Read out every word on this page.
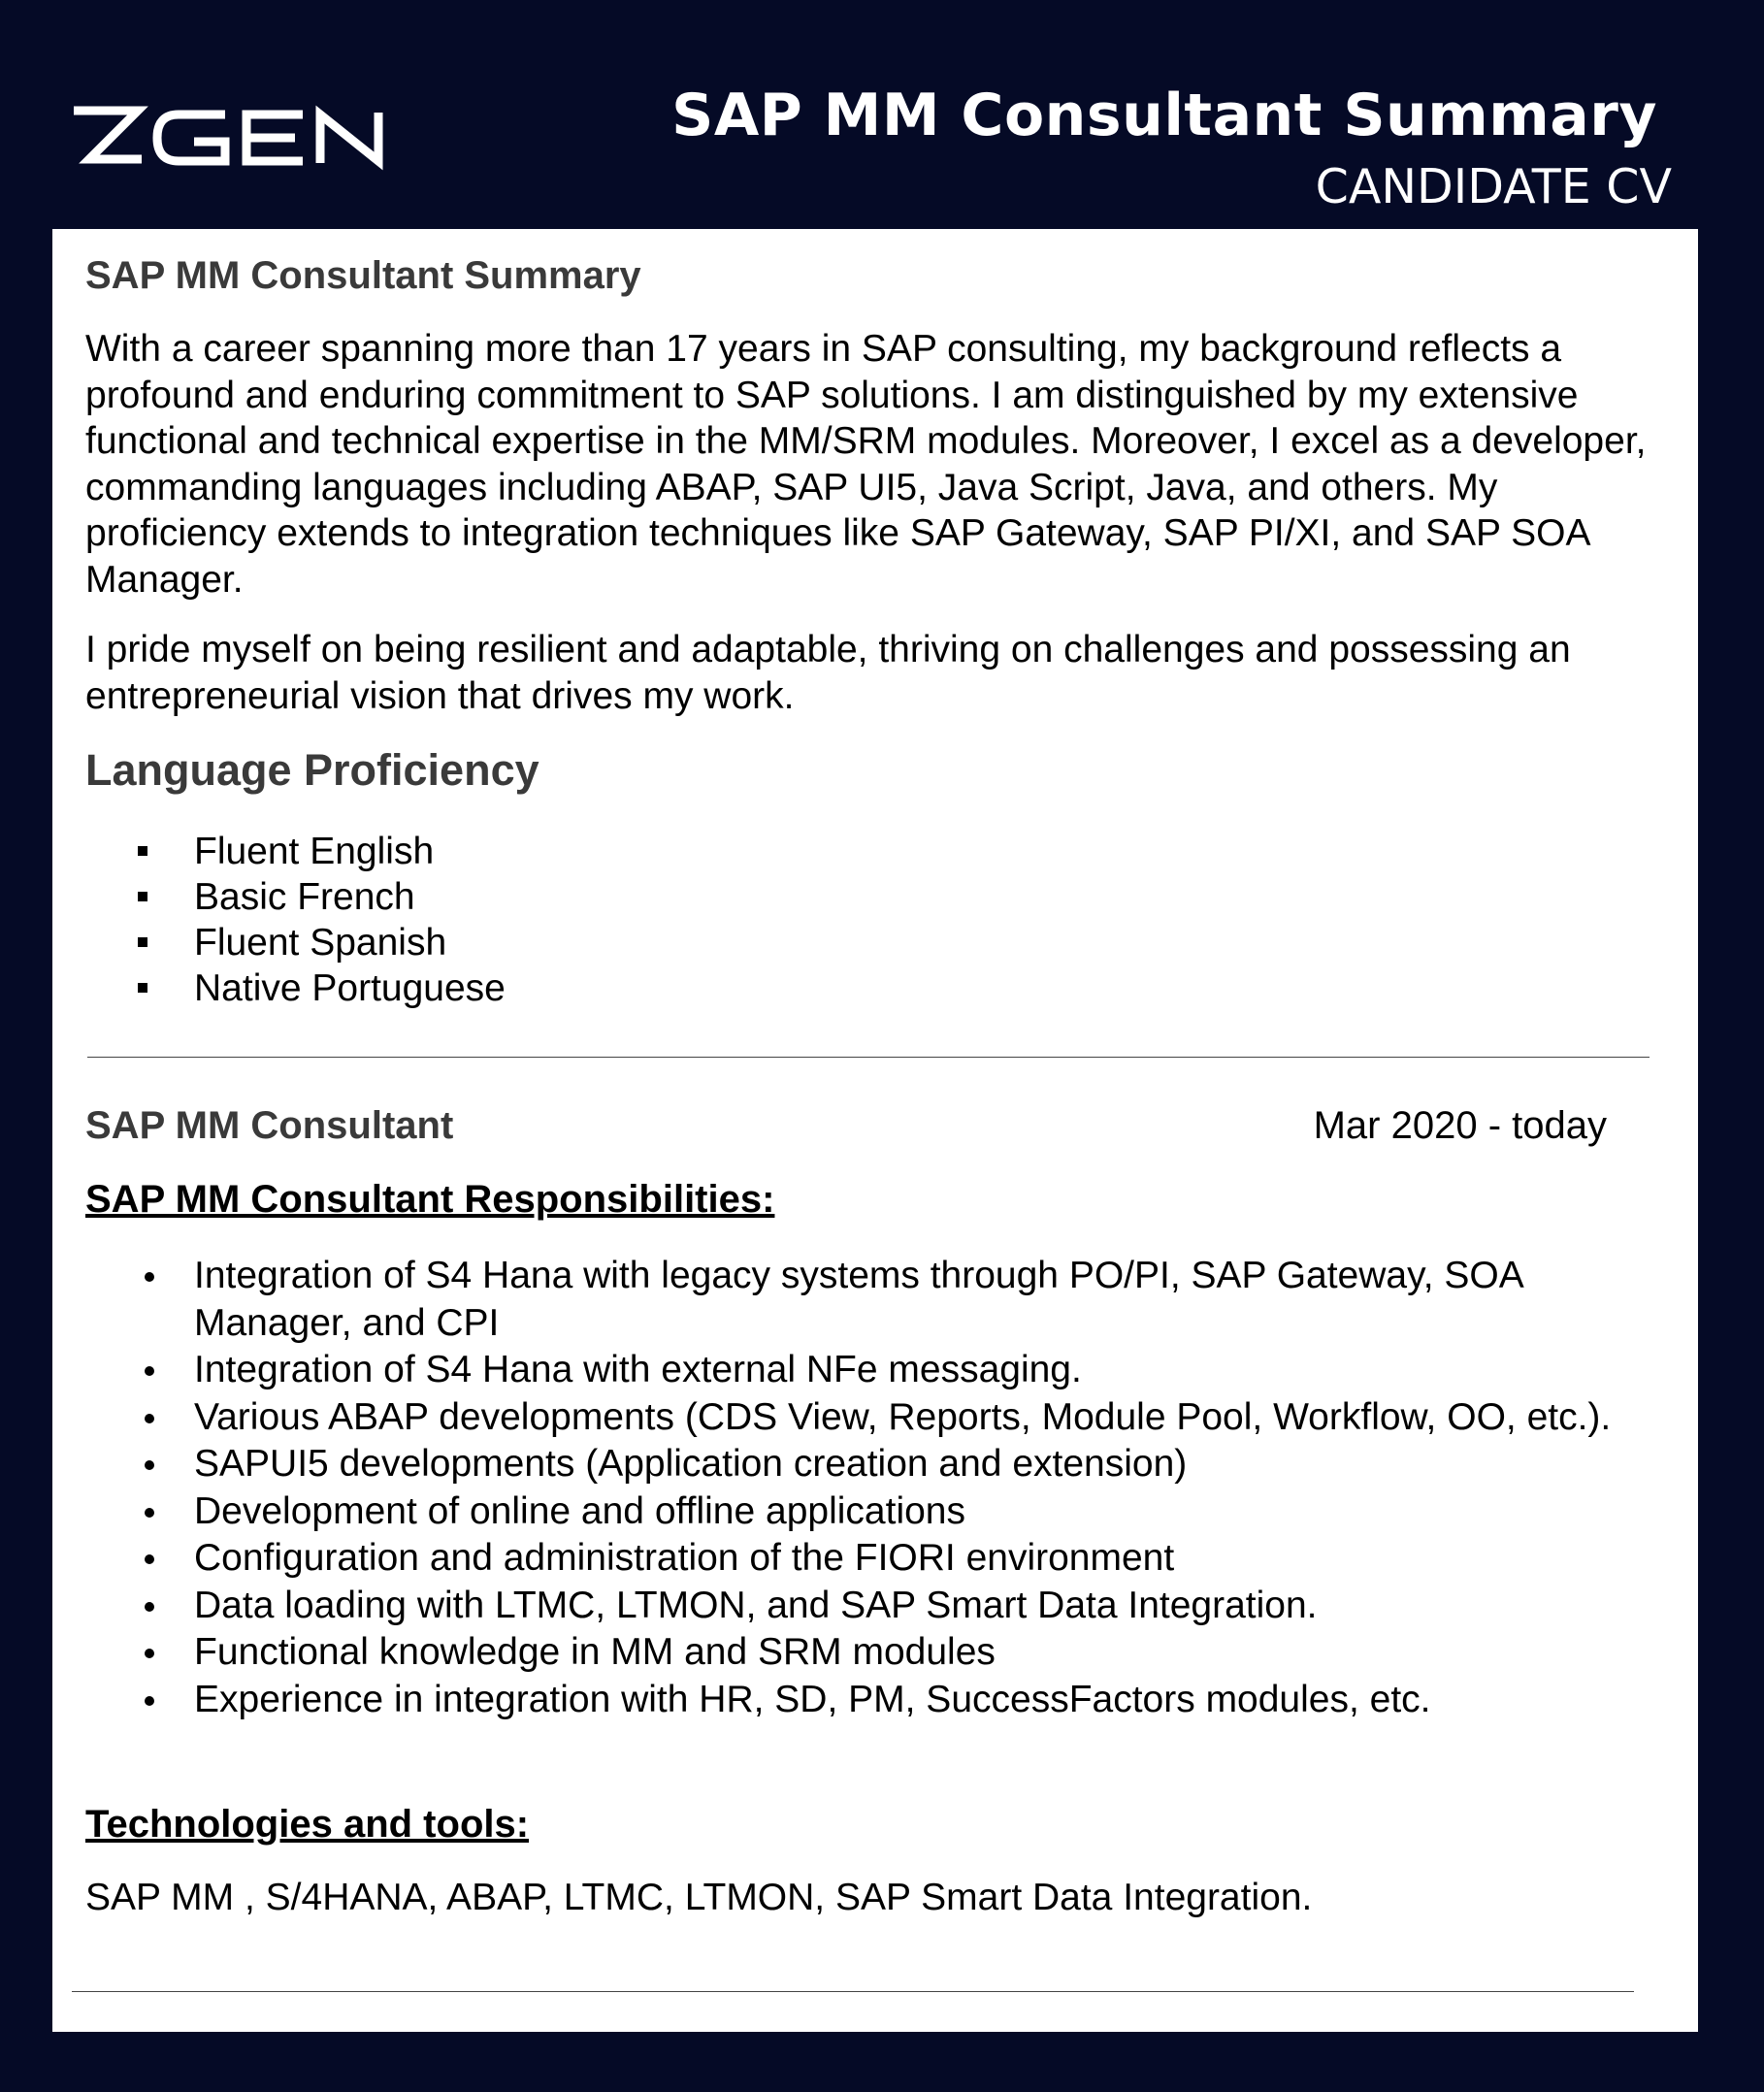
SAP MM Consultant Summary
CANDIDATE CV
SAP MM Consultant Summary

With a career spanning more than 17 years in SAP consulting, my background reflects a profound and enduring commitment to SAP solutions. I am distinguished by my extensive functional and technical expertise in the MM/SRM modules. Moreover, I excel as a developer, commanding languages including ABAP, SAP UI5, Java Script, Java, and others. My proficiency extends to integration techniques like SAP Gateway, SAP PI/XI, and SAP SOA Manager.

I pride myself on being resilient and adaptable, thriving on challenges and possessing an entrepreneurial vision that drives my work.

Language Proficiency
Fluent English
Basic French
Fluent Spanish
Native Portuguese
SAP MM Consultant	Mar 2020 - today
SAP MM Consultant Responsibilities:
Integration of S4 Hana with legacy systems through PO/PI, SAP Gateway, SOA Manager, and CPI
Integration of S4 Hana with external NFe messaging.
Various ABAP developments (CDS View, Reports, Module Pool, Workflow, OO, etc.).
SAPUI5 developments (Application creation and extension)
Development of online and offline applications
Configuration and administration of the FIORI environment
Data loading with LTMC, LTMON, and SAP Smart Data Integration.
Functional knowledge in MM and SRM modules
Experience in integration with HR, SD, PM, SuccessFactors modules, etc.
Technologies and tools:
SAP MM , S/4HANA, ABAP, LTMC, LTMON, SAP Smart Data Integration.
